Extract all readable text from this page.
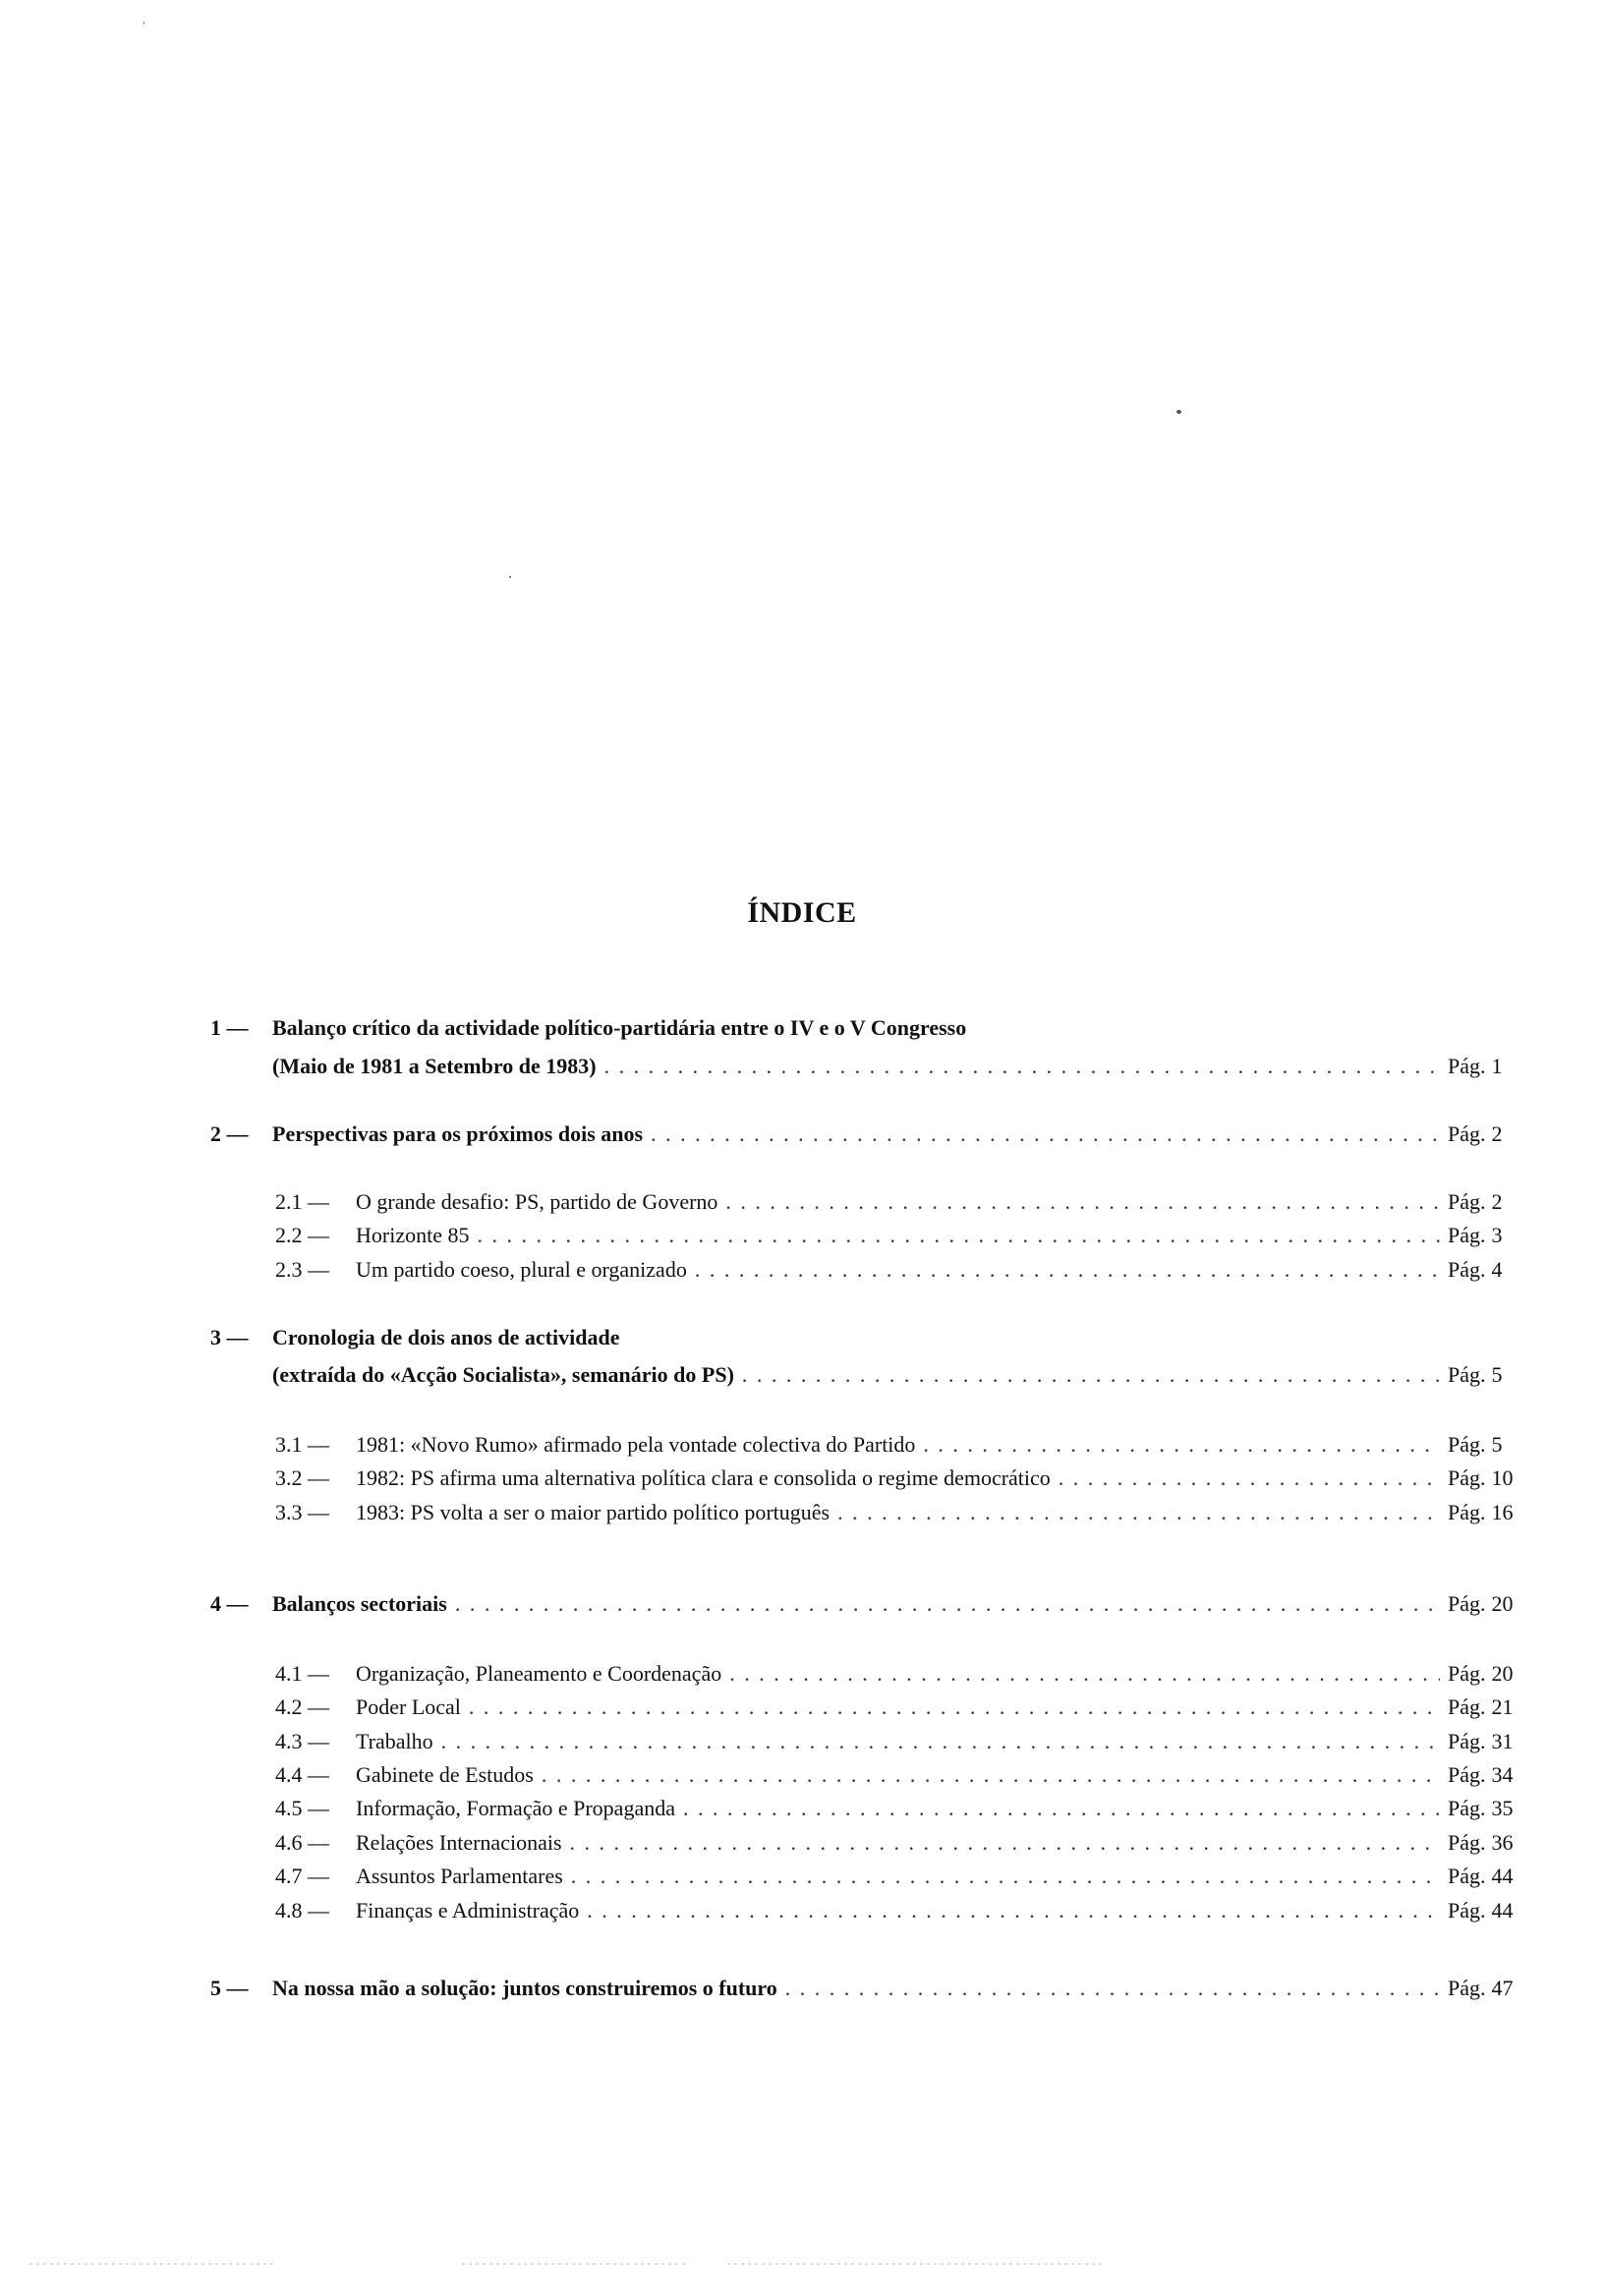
ÍNDICE
1 —	Balanço crítico da actividade político-partidária entre o IV e o V Congresso
(Maio de 1981 a Setembro de 1983) . . .	Pág. 1
2 —	Perspectivas para os próximos dois anos . . .	Pág. 2
2.1 —	O grande desafio: PS, partido de Governo . . .	Pág. 2
2.2 —	Horizonte 85 . . .	Pág. 3
2.3 —	Um partido coeso, plural e organizado . . .	Pág. 4
3 —	Cronologia de dois anos de actividade
(extraída do «Acção Socialista», semanário do PS) . . .	Pág. 5
3.1 —	1981: «Novo Rumo» afirmado pela vontade colectiva do Partido . . .	Pág. 5
3.2 —	1982: PS afirma uma alternativa política clara e consolida o regime democrático . . .	Pág. 10
3.3 —	1983: PS volta a ser o maior partido político português . . .	Pág. 16
4 —	Balanços sectoriais . . .	Pág. 20
4.1 —	Organização, Planeamento e Coordenação . . .	Pág. 20
4.2 —	Poder Local . . .	Pág. 21
4.3 —	Trabalho . . .	Pág. 31
4.4 —	Gabinete de Estudos . . .	Pág. 34
4.5 —	Informação, Formação e Propaganda . . .	Pág. 35
4.6 —	Relações Internacionais . . .	Pág. 36
4.7 —	Assuntos Parlamentares . . .	Pág. 44
4.8 —	Finanças e Administração . . .	Pág. 44
5 —	Na nossa mão a solução: juntos construiremos o futuro . . .	Pág. 47
